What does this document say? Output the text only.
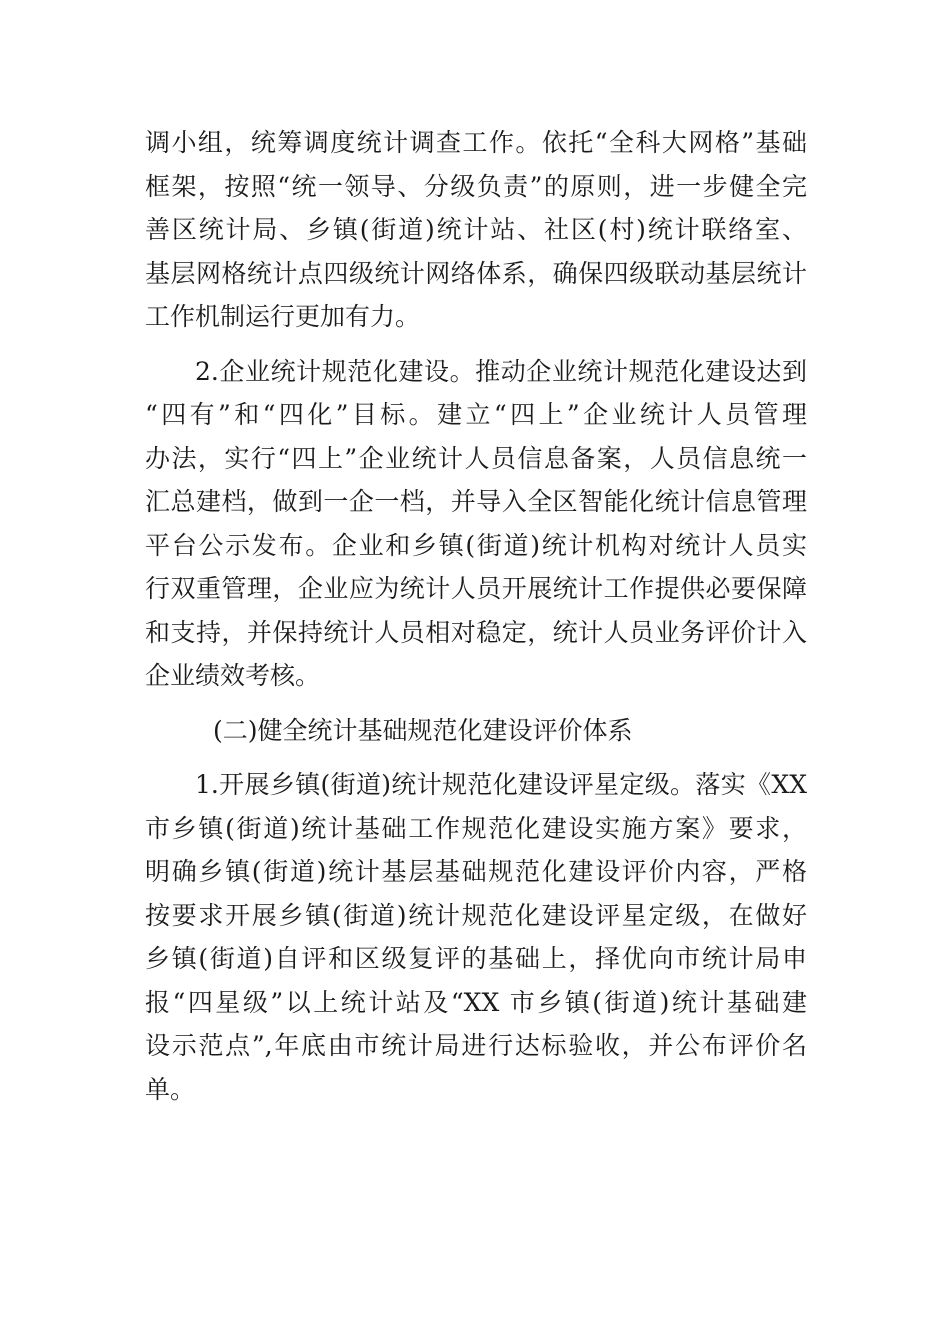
调小组，统筹调度统计调查工作。依托“全科大网格”基础
框架，按照“统一领导、分级负责”的原则，进一步健全完
善区统计局、乡镇(街道)统计站、社区(村)统计联络室、
基层网格统计点四级统计网络体系，确保四级联动基层统计
工作机制运行更加有力。
2.企业统计规范化建设。推动企业统计规范化建设达到
“四有”和“四化”目标。建立“四上”企业统计人员管理
办法，实行“四上”企业统计人员信息备案，人员信息统一
汇总建档，做到一企一档，并导入全区智能化统计信息管理
平台公示发布。企业和乡镇(街道)统计机构对统计人员实
行双重管理，企业应为统计人员开展统计工作提供必要保障
和支持，并保持统计人员相对稳定，统计人员业务评价计入
企业绩效考核。
(二)健全统计基础规范化建设评价体系
1.开展乡镇(街道)统计规范化建设评星定级。落实《XX
市乡镇(街道)统计基础工作规范化建设实施方案》要求，
明确乡镇(街道)统计基层基础规范化建设评价内容，严格
按要求开展乡镇(街道)统计规范化建设评星定级，在做好
乡镇(街道)自评和区级复评的基础上，择优向市统计局申
报“四星级”以上统计站及“XX 市乡镇(街道)统计基础建
设示范点”,年底由市统计局进行达标验收，并公布评价名
单。
